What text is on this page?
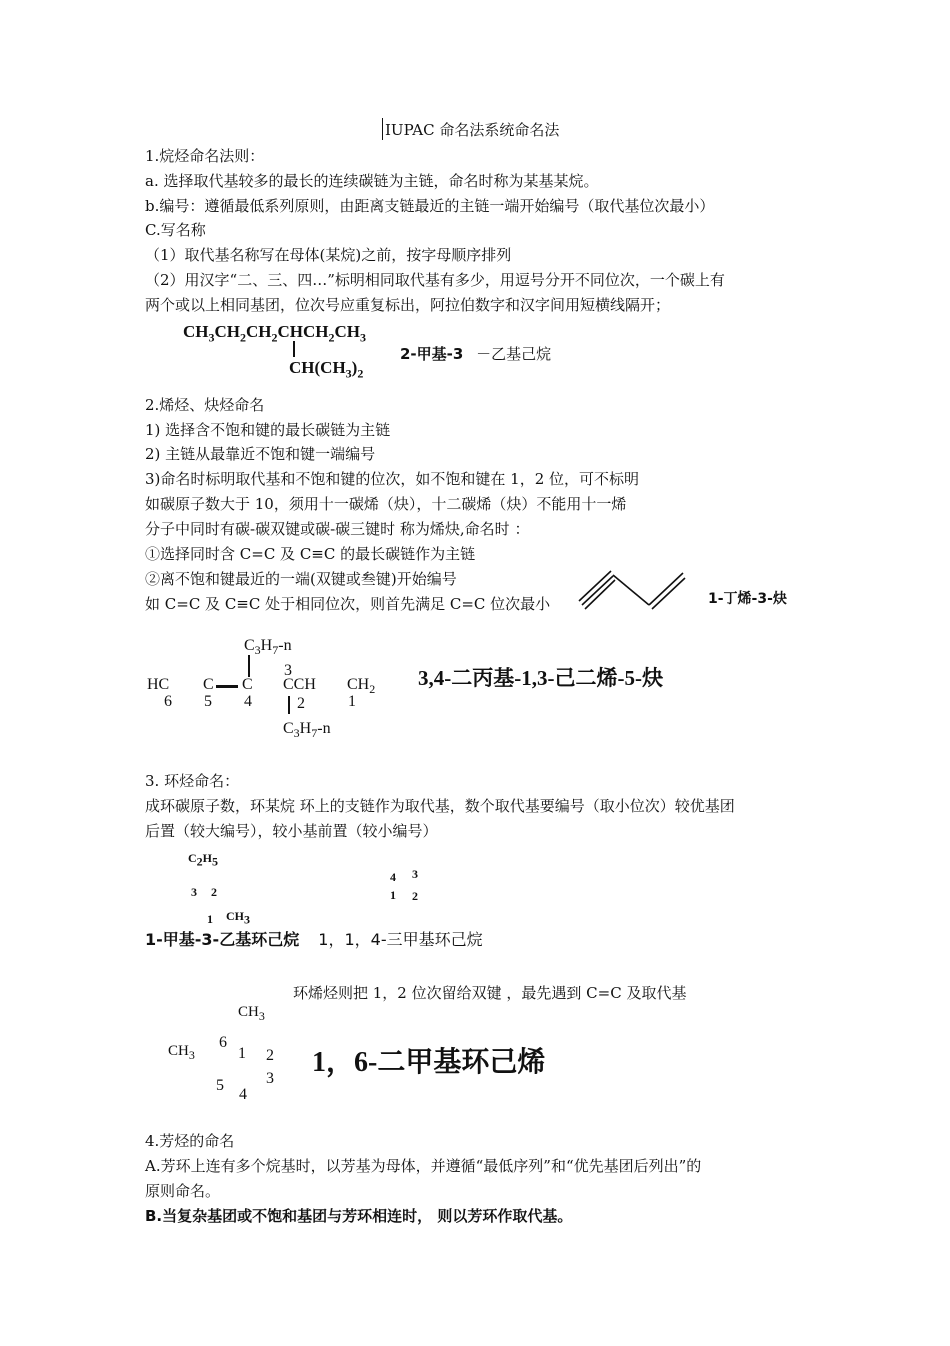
IUPAC 命名法系统命名法
1.烷烃命名法则：
a. 选择取代基较多的最长的连续碳链为主链，命名时称为某基某烷。
b.编号：遵循最低系列原则，由距离支链最近的主链一端开始编号（取代基位次最小）
C.写名称
（1）取代基名称写在母体(某烷)之前，按字母顺序排列
（2）用汉字“二、三、四…”标明相同取代基有多少，用逗号分开不同位次，一个碳上有
两个或以上相同基团，位次号应重复标出，阿拉伯数字和汉字间用短横线隔开；
$CH_3CH_2CH_2CHCH_2CH_3$
$CH(CH_3)_2$
2-甲基-3 －乙基己烷
2.烯烃、炔烃命名
1) 选择含不饱和键的最长碳链为主链
2) 主链从最靠近不饱和键一端编号
3)命名时标明取代基和不饱和键的位次，如不饱和键在 1，2 位，可不标明
如碳原子数大于 10，须用十一碳烯（炔），十二碳烯（炔）不能用十一烯
分子中同时有碳-碳双键或碳-碳三键时 称为烯炔,命名时 ：
①选择同时含 C=C 及 C≡C 的最长碳链作为主链
②离不饱和键最近的一端(双键或叁键)开始编号
如 C=C 及 C≡C 处于相同位次，则首先满足 C=C 位次最小	1-丁烯-3-炔
$C_3H_7-n$
3
HC C C CCH $CH_2$
6 5 4	2	1
$C_3H_7-n$
3,4-二丙基-1,3-己二烯-5-炔
3. 环烃命名：
成环碳原子数，环某烷 环上的支链作为取代基，数个取代基要编号（取小位次）较优基团
后置（较大编号），较小基前置（较小编号）
$C_2H_5$
3 2
1 $CH_3$
4 3
1 2
1-甲基-3-乙基环己烷 1，1，4-三甲基环己烷
环烯烃则把 1，2 位次留给双键 ，最先遇到 C=C 及取代基
$CH_3$
6
$CH_3$	1 2
3
5
4
1，6-二甲基环己烯
4.芳烃的命名
A.芳环上连有多个烷基时，以芳基为母体，并遵循“最低序列”和“优先基团后列出”的
原则命名。
B.当复杂基团或不饱和基团与芳环相连时， 则以芳环作取代基。
